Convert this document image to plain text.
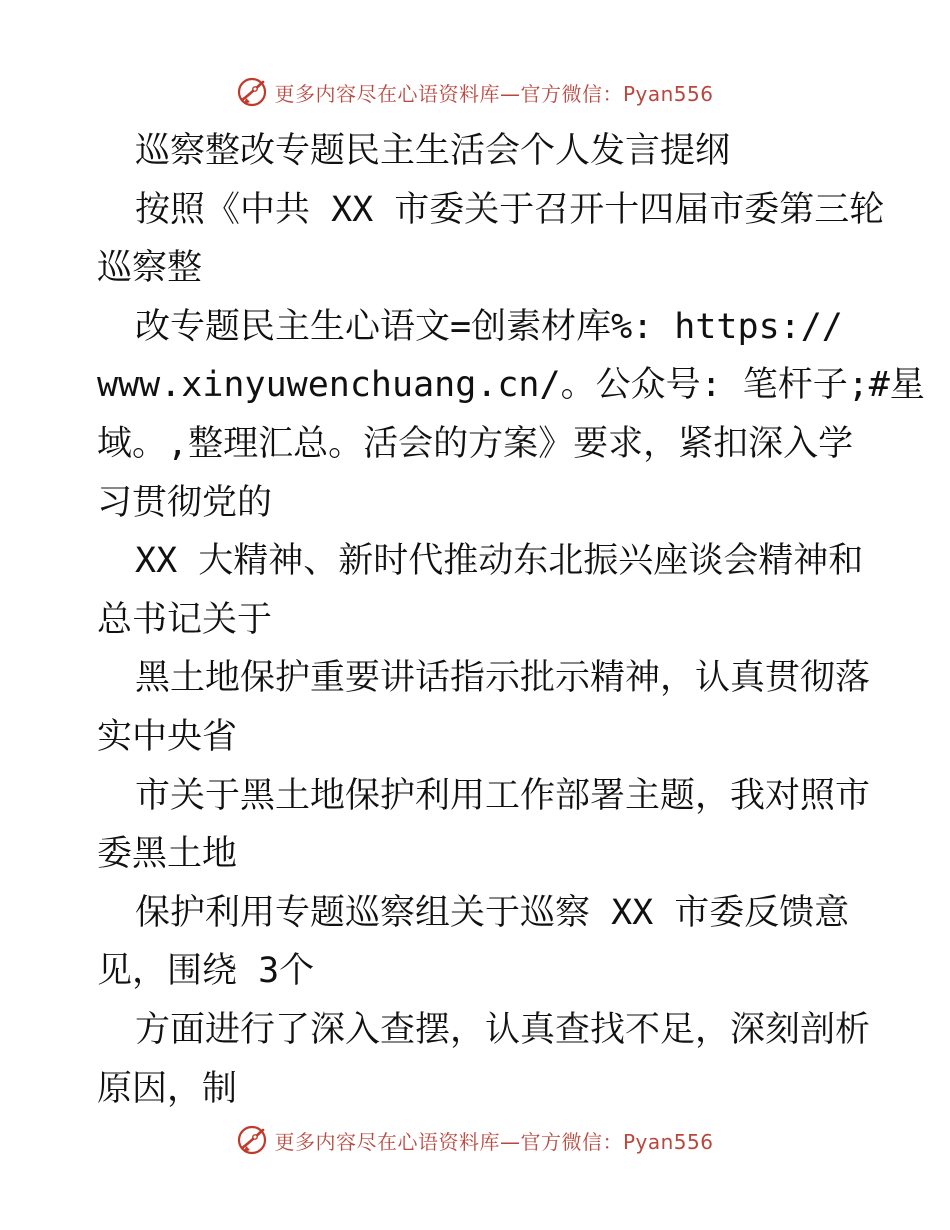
更多内容尽在心语资料库—官方微信：Pyan556
巡察整改专题民主生活会个人发言提纲
按照《中共 XX 市委关于召开十四届市委第三轮
巡察整
改专题民主生心语文=创素材库%: https://
www.xinyuwenchuang.cn/。公众号: 笔杆子;#星
域。,整理汇总。活会的方案》要求，紧扣深入学
习贯彻党的
XX 大精神、新时代推动东北振兴座谈会精神和
总书记关于
黑土地保护重要讲话指示批示精神，认真贯彻落
实中央省
市关于黑土地保护利用工作部署主题，我对照市
委黑土地
保护利用专题巡察组关于巡察 XX 市委反馈意
见，围绕 3个
方面进行了深入查摆，认真查找不足，深刻剖析
原因，制
更多内容尽在心语资料库—官方微信：Pyan556
